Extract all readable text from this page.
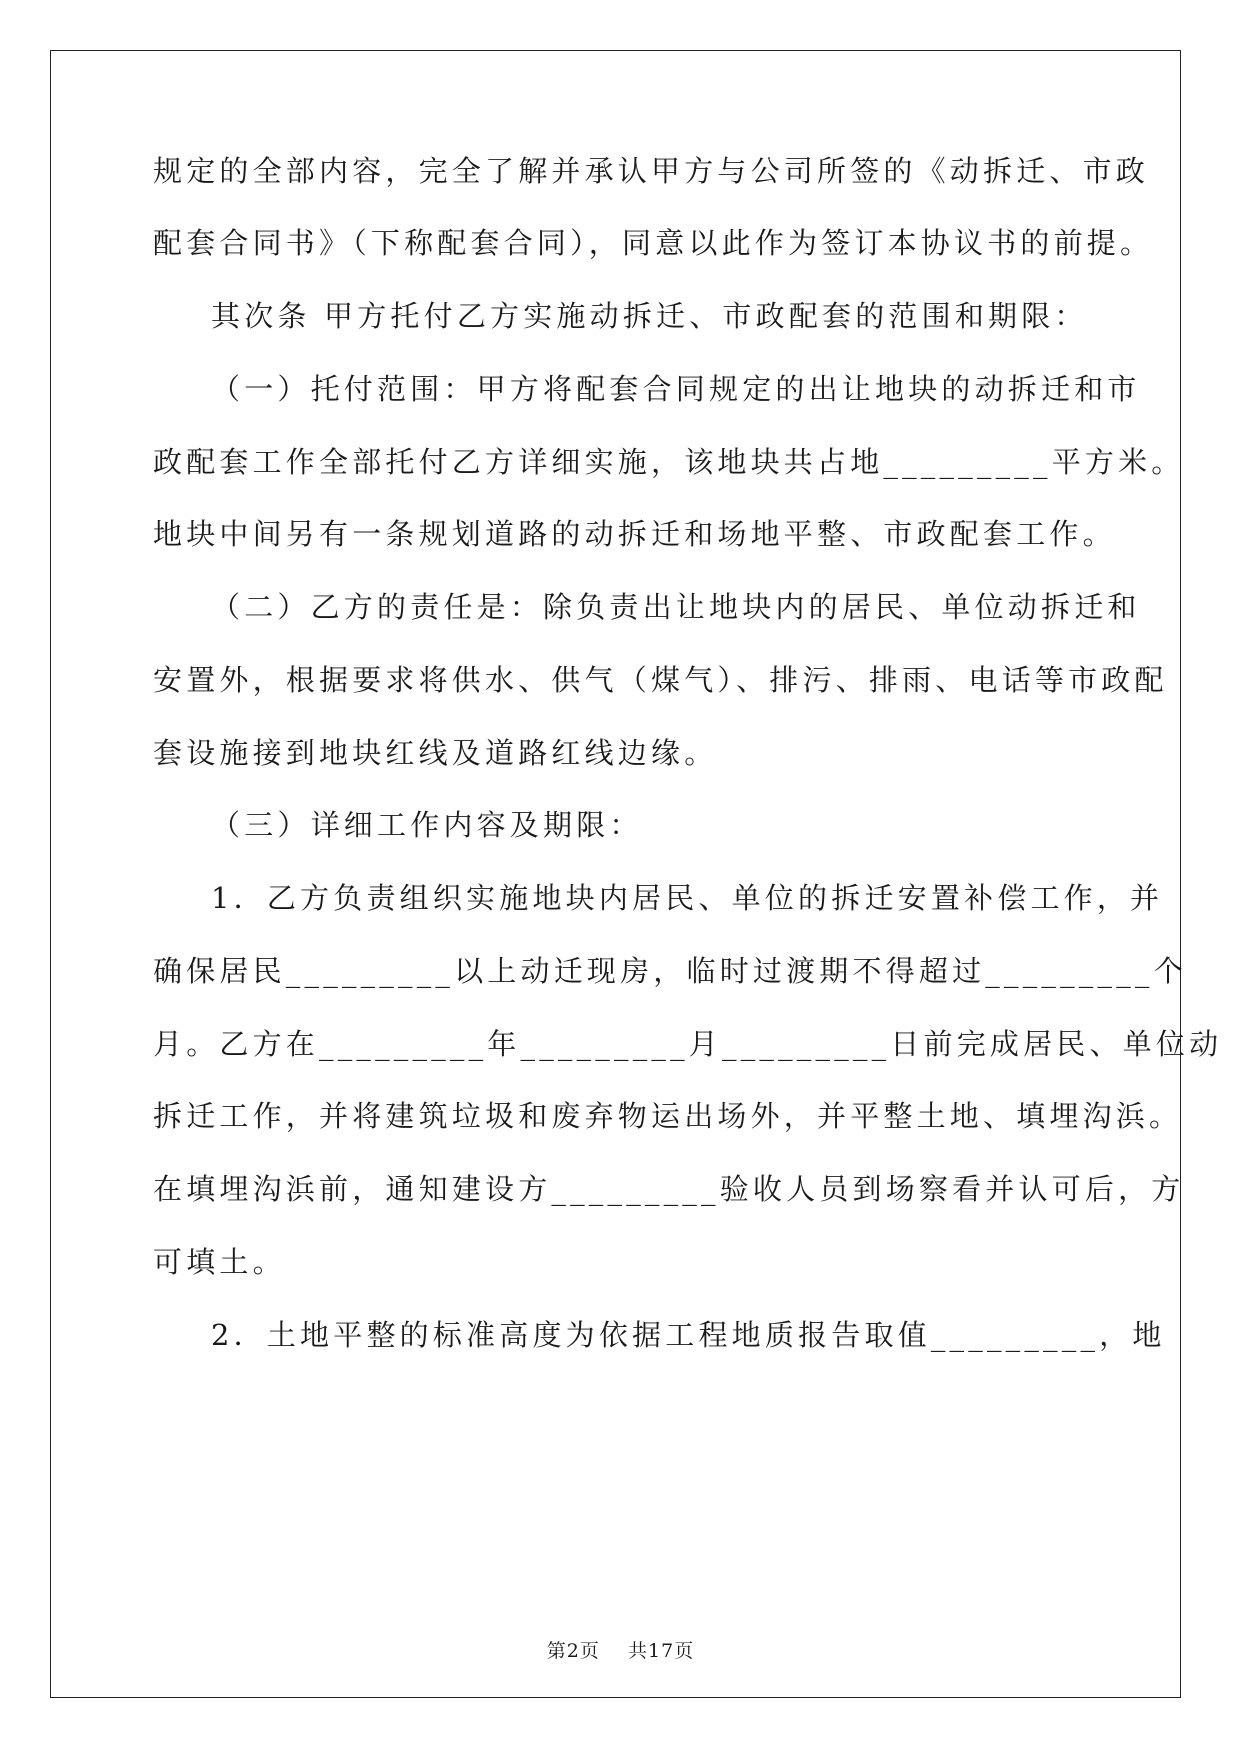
规定的全部内容，完全了解并承认甲方与公司所签的《动拆迁、市政
配套合同书》（下称配套合同），同意以此作为签订本协议书的前提。
其次条 甲方托付乙方实施动拆迁、市政配套的范围和期限：
（一）托付范围：甲方将配套合同规定的出让地块的动拆迁和市
政配套工作全部托付乙方详细实施，该地块共占地_________平方米。
地块中间另有一条规划道路的动拆迁和场地平整、市政配套工作。
（二）乙方的责任是：除负责出让地块内的居民、单位动拆迁和
安置外，根据要求将供水、供气（煤气）、排污、排雨、电话等市政配
套设施接到地块红线及道路红线边缘。
（三）详细工作内容及期限：
1．乙方负责组织实施地块内居民、单位的拆迁安置补偿工作，并
确保居民_________以上动迁现房，临时过渡期不得超过_________个
月。乙方在_________年_________月_________日前完成居民、单位动
拆迁工作，并将建筑垃圾和废弃物运出场外，并平整土地、填埋沟浜。
在填埋沟浜前，通知建设方_________验收人员到场察看并认可后，方
可填土。
2．土地平整的标准高度为依据工程地质报告取值_________，地
第2页 共17页
